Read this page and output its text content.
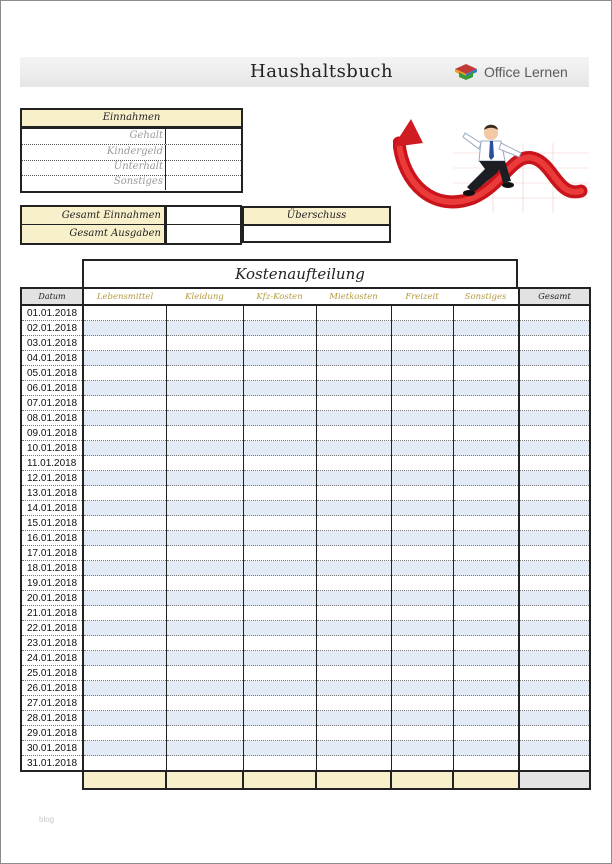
Haushaltsbuch	Office Lernen
Einnahmen
Gehalt
Kindergeld
Unterhalt
Sonstiges
Gesamt Einnahmen
Gesamt Ausgaben
Überschuss
Kostenaufteilung
Datum	Lebensmittel	Kleidung	Kfz-Kosten	Mietkosten	Freizeit	Sonstiges	Gesamt
01.01.2018							
02.01.2018							
03.01.2018							
04.01.2018							
05.01.2018							
06.01.2018							
07.01.2018							
08.01.2018							
09.01.2018							
10.01.2018							
11.01.2018							
12.01.2018							
13.01.2018							
14.01.2018							
15.01.2018							
16.01.2018							
17.01.2018							
18.01.2018							
19.01.2018							
20.01.2018							
21.01.2018							
22.01.2018							
23.01.2018							
24.01.2018							
25.01.2018							
26.01.2018							
27.01.2018							
28.01.2018							
29.01.2018							
30.01.2018							
31.01.2018							

blog
